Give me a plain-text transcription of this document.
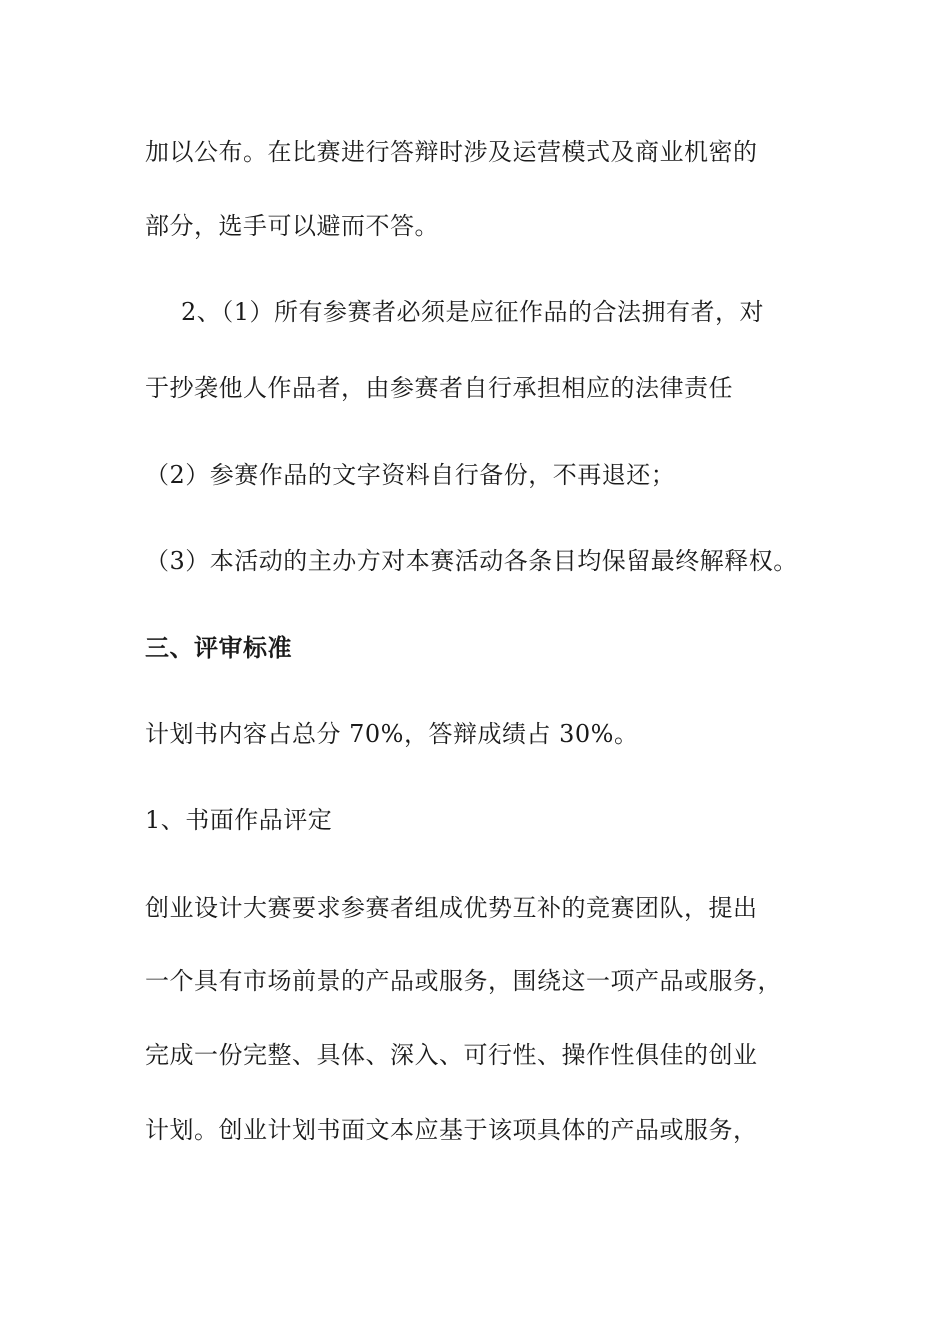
加以公布。在比赛进行答辩时涉及运营模式及商业机密的
部分，选手可以避而不答。
2、（1）所有参赛者必须是应征作品的合法拥有者，对
于抄袭他人作品者，由参赛者自行承担相应的法律责任
（2）参赛作品的文字资料自行备份，不再退还；
（3）本活动的主办方对本赛活动各条目均保留最终解释权。
三、评审标准
计划书内容占总分 70%，答辩成绩占 30%。
1、书面作品评定
创业设计大赛要求参赛者组成优势互补的竞赛团队，提出
一个具有市场前景的产品或服务，围绕这一项产品或服务，
完成一份完整、具体、深入、可行性、操作性俱佳的创业
计划。创业计划书面文本应基于该项具体的产品或服务，
